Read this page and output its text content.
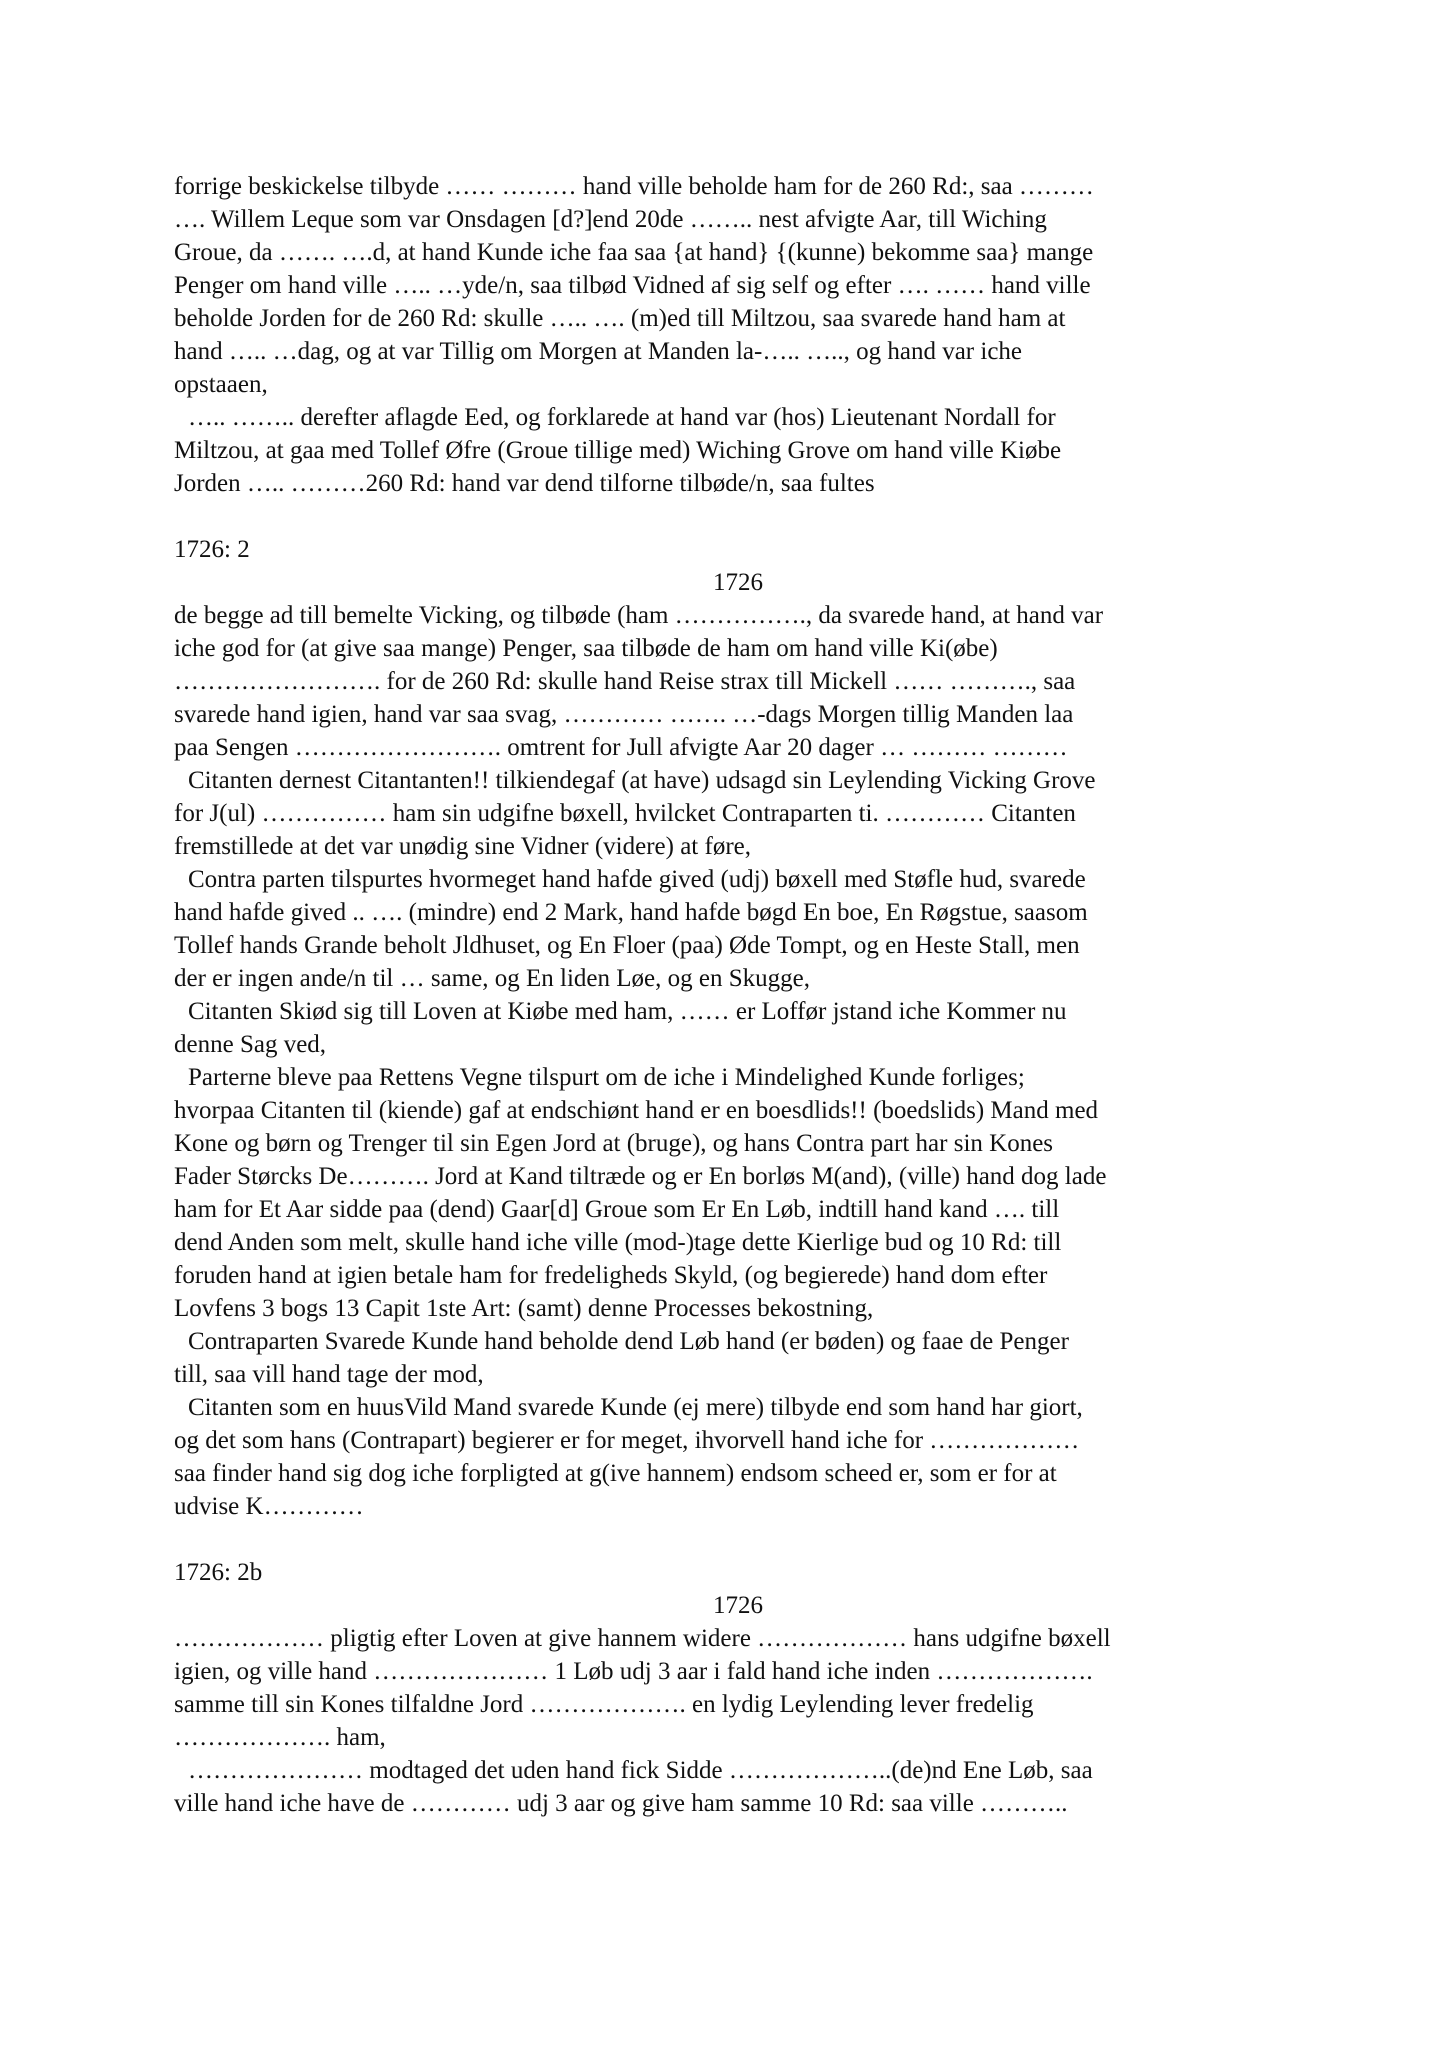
forrige beskickelse tilbyde …… ……… hand ville beholde ham for de 260 Rd:, saa ………
…. Willem Leque som var Onsdagen [d?]end 20de …….. nest afvigte Aar, till Wiching
Groue, da ……. ….d, at hand Kunde iche faa saa {at hand} {(kunne) bekomme saa} mange
Penger om hand ville ….. …yde/n, saa tilbød Vidned af sig self og efter …. …… hand ville
beholde Jorden for de 260 Rd: skulle ….. …. (m)ed till Miltzou, saa svarede hand ham at
hand ….. …dag, og at var Tillig om Morgen at Manden la-….. ….., og hand var iche
opstaaen,
….. …….. derefter aflagde Eed, og forklarede at hand var (hos) Lieutenant Nordall for
Miltzou, at gaa med Tollef Øfre (Groue tillige med) Wiching Grove om hand ville Kiøbe
Jorden ….. ………260 Rd: hand var dend tilforne tilbøde/n, saa fultes
1726: 2
1726
de begge ad till bemelte Vicking, og tilbøde (ham ……………., da svarede hand, at hand var
iche god for (at give saa mange) Penger, saa tilbøde de ham om hand ville Ki(øbe)
……………………. for de 260 Rd: skulle hand Reise strax till Mickell …… ………., saa
svarede hand igien, hand var saa svag, ………… ……. …-dags Morgen tillig Manden laa
paa Sengen ……………………. omtrent for Jull afvigte Aar 20 dager … ……… ………
Citanten dernest Citantanten!! tilkiendegaf (at have) udsagd sin Leylending Vicking Grove
for J(ul) …………… ham sin udgifne bøxell, hvilcket Contraparten ti. ………… Citanten
fremstillede at det var unødig sine Vidner (videre) at føre,
Contra parten tilspurtes hvormeget hand hafde gived (udj) bøxell med Støfle hud, svarede
hand hafde gived .. …. (mindre) end 2 Mark, hand hafde bøgd En boe, En Røgstue, saasom
Tollef hands Grande beholt Jldhuset, og En Floer (paa) Øde Tompt, og en Heste Stall, men
der er ingen ande/n til … same, og En liden Løe, og en Skugge,
Citanten Skiød sig till Loven at Kiøbe med ham, …… er Loffør jstand iche Kommer nu
denne Sag ved,
Parterne bleve paa Rettens Vegne tilspurt om de iche i Mindelighed Kunde forliges;
hvorpaa Citanten til (kiende) gaf at endschiønt hand er en boesdlids!! (boedslids) Mand med
Kone og børn og Trenger til sin Egen Jord at (bruge), og hans Contra part har sin Kones
Fader Størcks De………. Jord at Kand tiltræde og er En borløs M(and), (ville) hand dog lade
ham for Et Aar sidde paa (dend) Gaar[d] Groue som Er En Løb, indtill hand kand …. till
dend Anden som melt, skulle hand iche ville (mod-)tage dette Kierlige bud og 10 Rd: till
foruden hand at igien betale ham for fredeligheds Skyld, (og begierede) hand dom efter
Lovfens 3 bogs 13 Capit 1ste Art: (samt) denne Processes bekostning,
Contraparten Svarede Kunde hand beholde dend Løb hand (er bøden) og faae de Penger
till, saa vill hand tage der mod,
Citanten som en huusVild Mand svarede Kunde (ej mere) tilbyde end som hand har giort,
og det som hans (Contrapart) begierer er for meget, ihvorvell hand iche for ………………
saa finder hand sig dog iche forpligted at g(ive hannem) endsom scheed er, som er for at
udvise K…………
1726: 2b
1726
……………… pligtig efter Loven at give hannem widere ……………… hans udgifne bøxell
igien, og ville hand ………………… 1 Løb udj 3 aar i fald hand iche inden ……………….
samme till sin Kones tilfaldne Jord ………………. en lydig Leylending lever fredelig
………………. ham,
………………… modtaged det uden hand fick Sidde ………………..(de)nd Ene Løb, saa
ville hand iche have de ………… udj 3 aar og give ham samme 10 Rd: saa ville ………..
